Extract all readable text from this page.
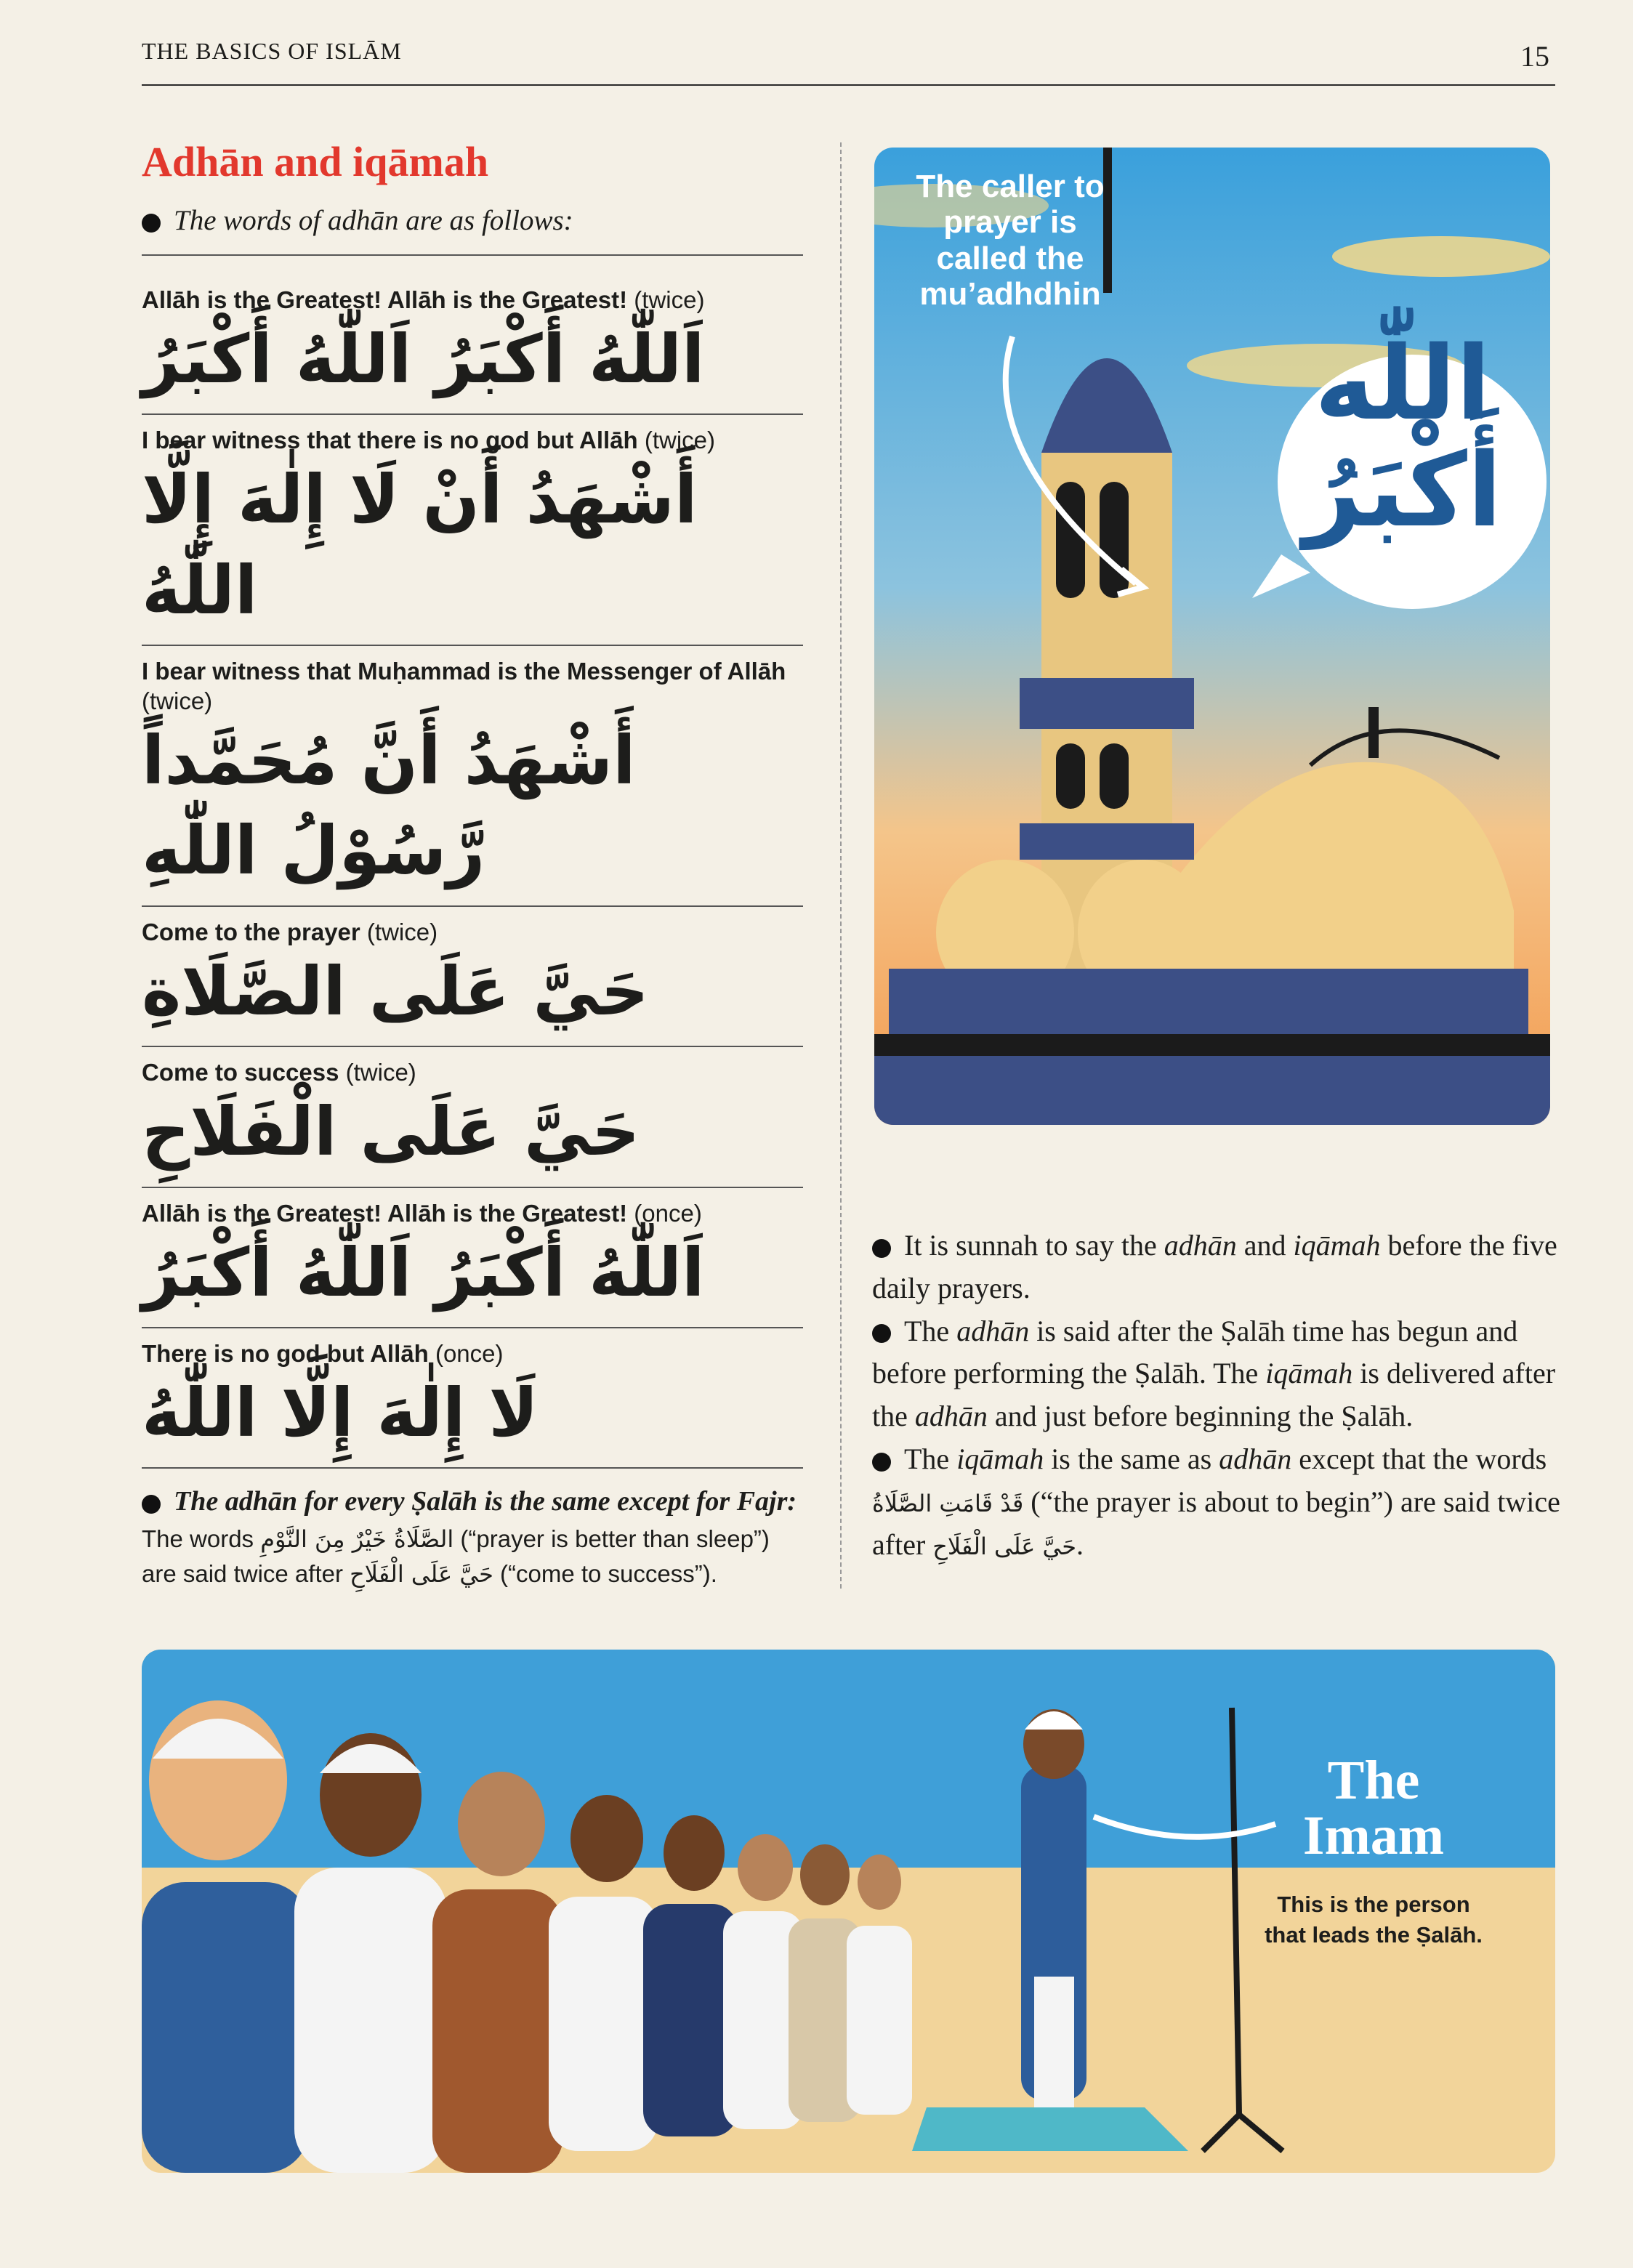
THE BASICS OF ISLĀM	15
Adhān and iqāmah
The words of adhān are as follows:
Allāh is the Greatest! Allāh is the Greatest! (twice)
اَللّٰهُ أَكْبَرُ اَللّٰهُ أَكْبَرُ
I bear witness that there is no god but Allāh (twice)
أَشْهَدُ أَنْ لَا إِلٰهَ إِلَّا اللّٰهُ
I bear witness that Muḥammad is the Messenger of Allāh (twice)
أَشْهَدُ أَنَّ مُحَمَّداً رَّسُوْلُ اللّٰهِ
Come to the prayer (twice)
حَيَّ عَلَى الصَّلَاةِ
Come to success (twice)
حَيَّ عَلَى الْفَلَاحِ
Allāh is the Greatest! Allāh is the Greatest! (once)
اَللّٰهُ أَكْبَرُ اَللّٰهُ أَكْبَرُ
There is no god but Allāh (once)
لَا إِلٰهَ إِلَّا اللّٰهُ
The adhān for every Ṣalāh is the same except for Fajr: The words الصَّلَاةُ خَيْرٌ مِنَ النَّوْمِ (“prayer is better than sleep”) are said twice after حَيَّ عَلَى الْفَلَاحِ (“come to success”).
The caller to prayer is called the mu’adhdhin
اللّٰه أَكْبَرُ

It is sunnah to say the adhān and iqāmah before the five daily prayers.

The adhān is said after the Ṣalāh time has begun and before performing the Ṣalāh. The iqāmah is delivered after the adhān and just before beginning the Ṣalāh.

The iqāmah is the same as adhān except that the words قَدْ قَامَتِ الصَّلَاةُ (“the prayer is about to begin”) are said twice after حَيَّ عَلَى الْفَلَاحِ.

The
Imam
This is the person that leads the Ṣalāh.
